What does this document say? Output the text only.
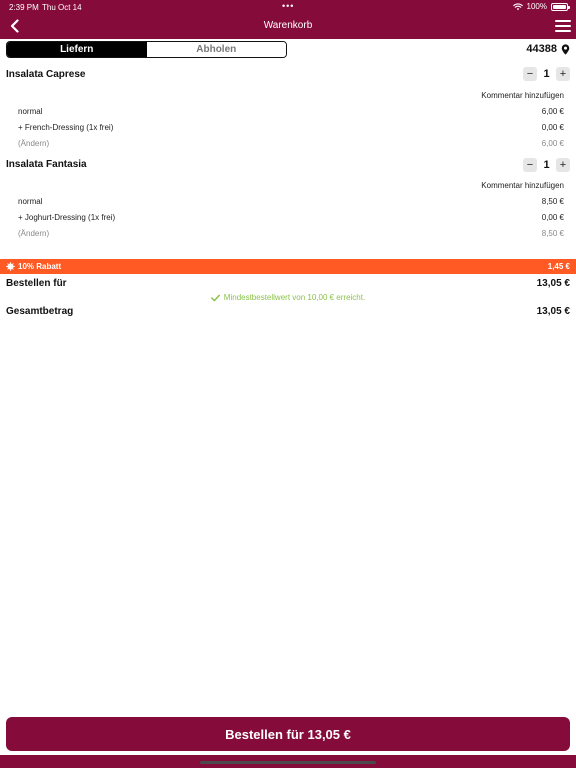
2:39 PM Thu Oct 14	•••	100%
Warenkorb
Liefern	Abholen	44388
Insalata Caprese	− 1 +
Kommentar hinzufügen
normal	6,00 €
+ French-Dressing (1x frei)	0,00 €
(Ändern)	6,00 €
Insalata Fantasia	− 1 +
Kommentar hinzufügen
normal	8,50 €
+ Joghurt-Dressing (1x frei)	0,00 €
(Ändern)	8,50 €
10% Rabatt	1,45 €
Bestellen für	13,05 €
Mindestbestellwert von 10,00 € erreicht.
Gesamtbetrag	13,05 €
Bestellen für 13,05 €
